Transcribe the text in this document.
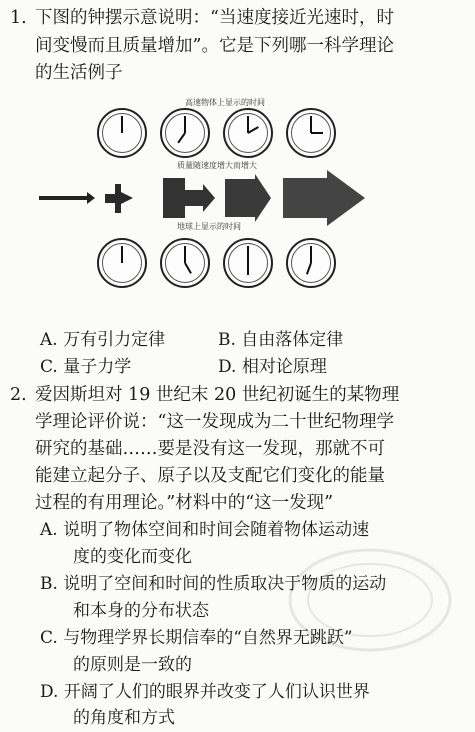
1. 下图的钟摆示意说明：“当速度接近光速时，时
间变慢而且质量增加”。它是下列哪一科学理论
的生活例子
高速物体上显示的时间
质量随速度增大而增大
地球上显示的时间
A. 万有引力定律	B. 自由落体定律
C. 量子力学	D. 相对论原理
2. 爱因斯坦对 19 世纪末 20 世纪初诞生的某物理
学理论评价说：“这一发现成为二十世纪物理学
研究的基础……要是没有这一发现，那就不可
能建立起分子、原子以及支配它们变化的能量
过程的有用理论。”材料中的“这一发现”
A. 说明了物体空间和时间会随着物体运动速
度的变化而变化
B. 说明了空间和时间的性质取决于物质的运动
和本身的分布状态
C. 与物理学界长期信奉的“自然界无跳跃”
的原则是一致的
D. 开阔了人们的眼界并改变了人们认识世界
的角度和方式
